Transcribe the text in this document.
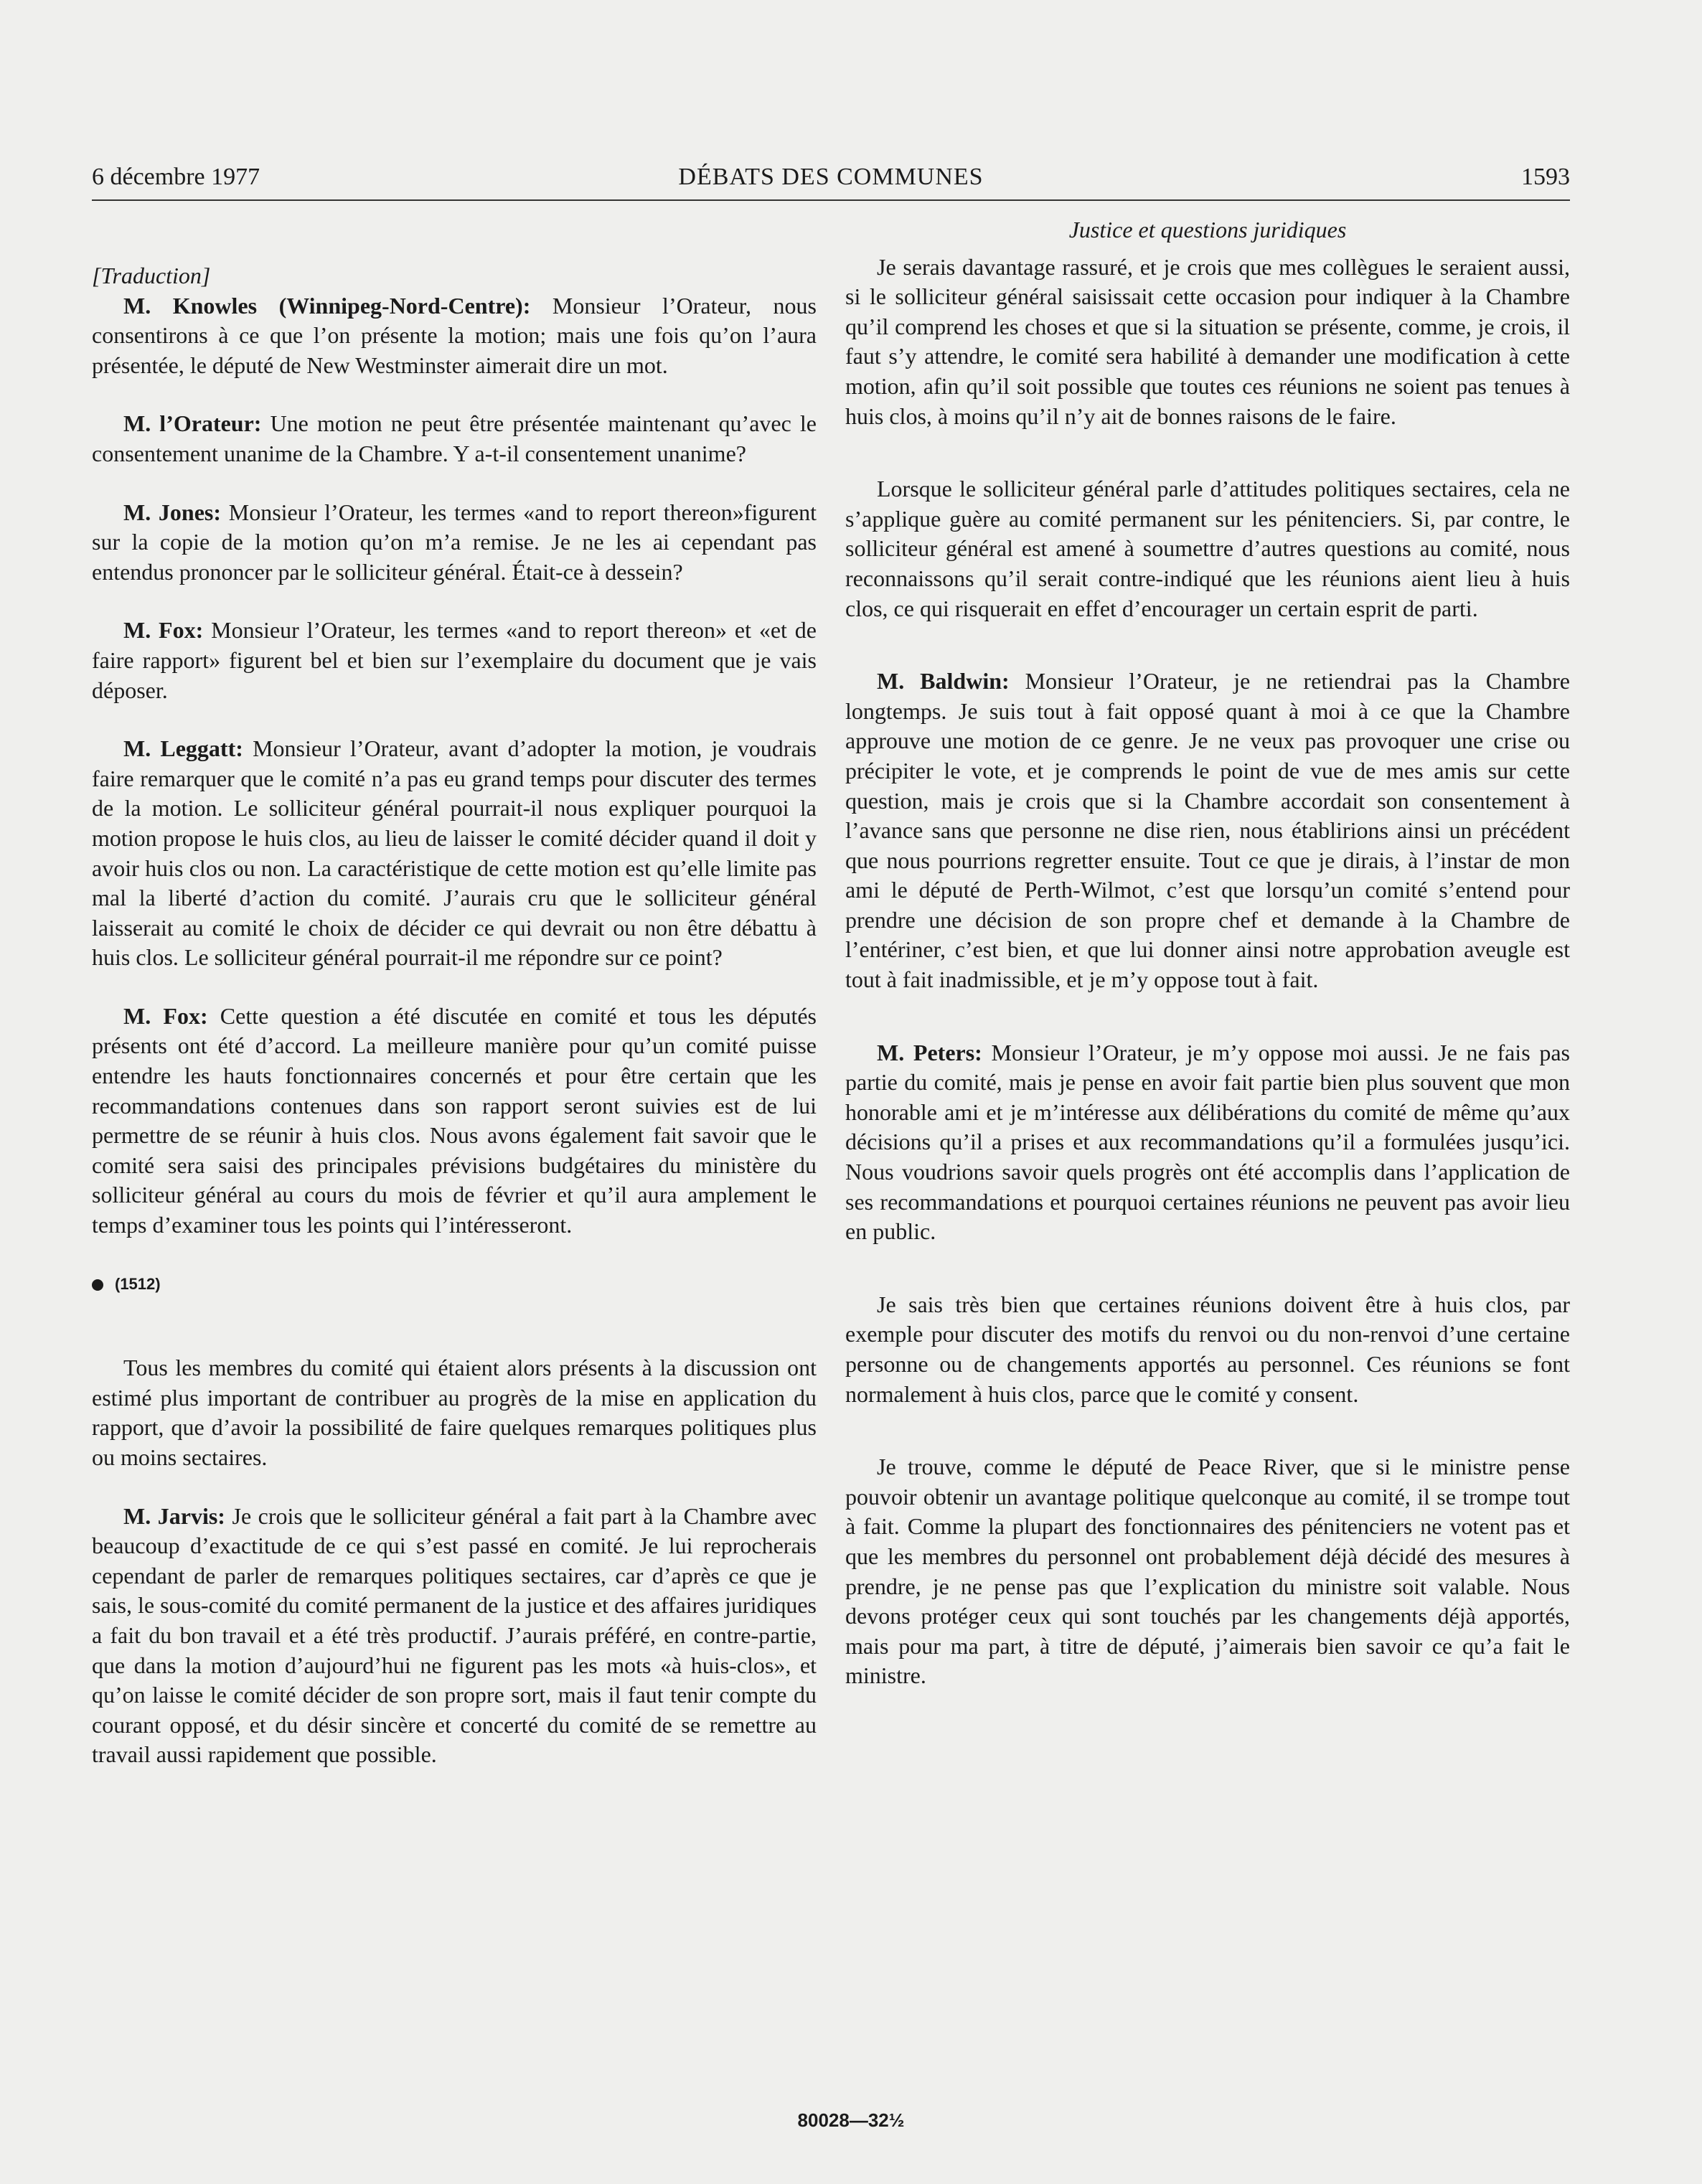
6 décembre 1977	DÉBATS DES COMMUNES	1593
[Traduction]

M. Knowles (Winnipeg-Nord-Centre): Monsieur l’Orateur, nous consentirons à ce que l’on présente la motion; mais une fois qu’on l’aura présentée, le député de New Westminster aimerait dire un mot.

M. l’Orateur: Une motion ne peut être présentée maintenant qu’avec le consentement unanime de la Chambre. Y a-t-il consentement unanime?

M. Jones: Monsieur l’Orateur, les termes «and to report thereon»figurent sur la copie de la motion qu’on m’a remise. Je ne les ai cependant pas entendus prononcer par le solliciteur général. Était-ce à dessein?

M. Fox: Monsieur l’Orateur, les termes «and to report thereon» et «et de faire rapport» figurent bel et bien sur l’exemplaire du document que je vais déposer.

M. Leggatt: Monsieur l’Orateur, avant d’adopter la motion, je voudrais faire remarquer que le comité n’a pas eu grand temps pour discuter des termes de la motion. Le solliciteur général pourrait-il nous expliquer pourquoi la motion propose le huis clos, au lieu de laisser le comité décider quand il doit y avoir huis clos ou non. La caractéristique de cette motion est qu’elle limite pas mal la liberté d’action du comité. J’aurais cru que le solliciteur général laisserait au comité le choix de décider ce qui devrait ou non être débattu à huis clos. Le solliciteur général pourrait-il me répondre sur ce point?

M. Fox: Cette question a été discutée en comité et tous les députés présents ont été d’accord. La meilleure manière pour qu’un comité puisse entendre les hauts fonctionnaires concernés et pour être certain que les recommandations contenues dans son rapport seront suivies est de lui permettre de se réunir à huis clos. Nous avons également fait savoir que le comité sera saisi des principales prévisions budgétaires du ministère du solliciteur général au cours du mois de février et qu’il aura amplement le temps d’examiner tous les points qui l’intéresseront.

(1512)

Tous les membres du comité qui étaient alors présents à la discussion ont estimé plus important de contribuer au progrès de la mise en application du rapport, que d’avoir la possibilité de faire quelques remarques politiques plus ou moins sectaires.

M. Jarvis: Je crois que le solliciteur général a fait part à la Chambre avec beaucoup d’exactitude de ce qui s’est passé en comité. Je lui reprocherais cependant de parler de remarques politiques sectaires, car d’après ce que je sais, le sous-comité du comité permanent de la justice et des affaires juridiques a fait du bon travail et a été très productif. J’aurais préféré, en contre-partie, que dans la motion d’aujourd’hui ne figurent pas les mots «à huis-clos», et qu’on laisse le comité décider de son propre sort, mais il faut tenir compte du courant opposé, et du désir sincère et concerté du comité de se remettre au travail aussi rapidement que possible.

Justice et questions juridiques

Je serais davantage rassuré, et je crois que mes collègues le seraient aussi, si le solliciteur général saisissait cette occasion pour indiquer à la Chambre qu’il comprend les choses et que si la situation se présente, comme, je crois, il faut s’y attendre, le comité sera habilité à demander une modification à cette motion, afin qu’il soit possible que toutes ces réunions ne soient pas tenues à huis clos, à moins qu’il n’y ait de bonnes raisons de le faire.

Lorsque le solliciteur général parle d’attitudes politiques sectaires, cela ne s’applique guère au comité permanent sur les pénitenciers. Si, par contre, le solliciteur général est amené à soumettre d’autres questions au comité, nous reconnaissons qu’il serait contre-indiqué que les réunions aient lieu à huis clos, ce qui risquerait en effet d’encourager un certain esprit de parti.

M. Baldwin: Monsieur l’Orateur, je ne retiendrai pas la Chambre longtemps. Je suis tout à fait opposé quant à moi à ce que la Chambre approuve une motion de ce genre. Je ne veux pas provoquer une crise ou précipiter le vote, et je comprends le point de vue de mes amis sur cette question, mais je crois que si la Chambre accordait son consentement à l’avance sans que personne ne dise rien, nous établirions ainsi un précédent que nous pourrions regretter ensuite. Tout ce que je dirais, à l’instar de mon ami le député de Perth-Wilmot, c’est que lorsqu’un comité s’entend pour prendre une décision de son propre chef et demande à la Chambre de l’entériner, c’est bien, et que lui donner ainsi notre approbation aveugle est tout à fait inadmissible, et je m’y oppose tout à fait.

M. Peters: Monsieur l’Orateur, je m’y oppose moi aussi. Je ne fais pas partie du comité, mais je pense en avoir fait partie bien plus souvent que mon honorable ami et je m’intéresse aux délibérations du comité de même qu’aux décisions qu’il a prises et aux recommandations qu’il a formulées jusqu’ici. Nous voudrions savoir quels progrès ont été accomplis dans l’application de ses recommandations et pourquoi certaines réunions ne peuvent pas avoir lieu en public.

Je sais très bien que certaines réunions doivent être à huis clos, par exemple pour discuter des motifs du renvoi ou du non-renvoi d’une certaine personne ou de changements apportés au personnel. Ces réunions se font normalement à huis clos, parce que le comité y consent.

Je trouve, comme le député de Peace River, que si le ministre pense pouvoir obtenir un avantage politique quelconque au comité, il se trompe tout à fait. Comme la plupart des fonctionnaires des pénitenciers ne votent pas et que les membres du personnel ont probablement déjà décidé des mesures à prendre, je ne pense pas que l’explication du ministre soit valable. Nous devons protéger ceux qui sont touchés par les changements déjà apportés, mais pour ma part, à titre de député, j’aimerais bien savoir ce qu’a fait le ministre.

80028—32½
